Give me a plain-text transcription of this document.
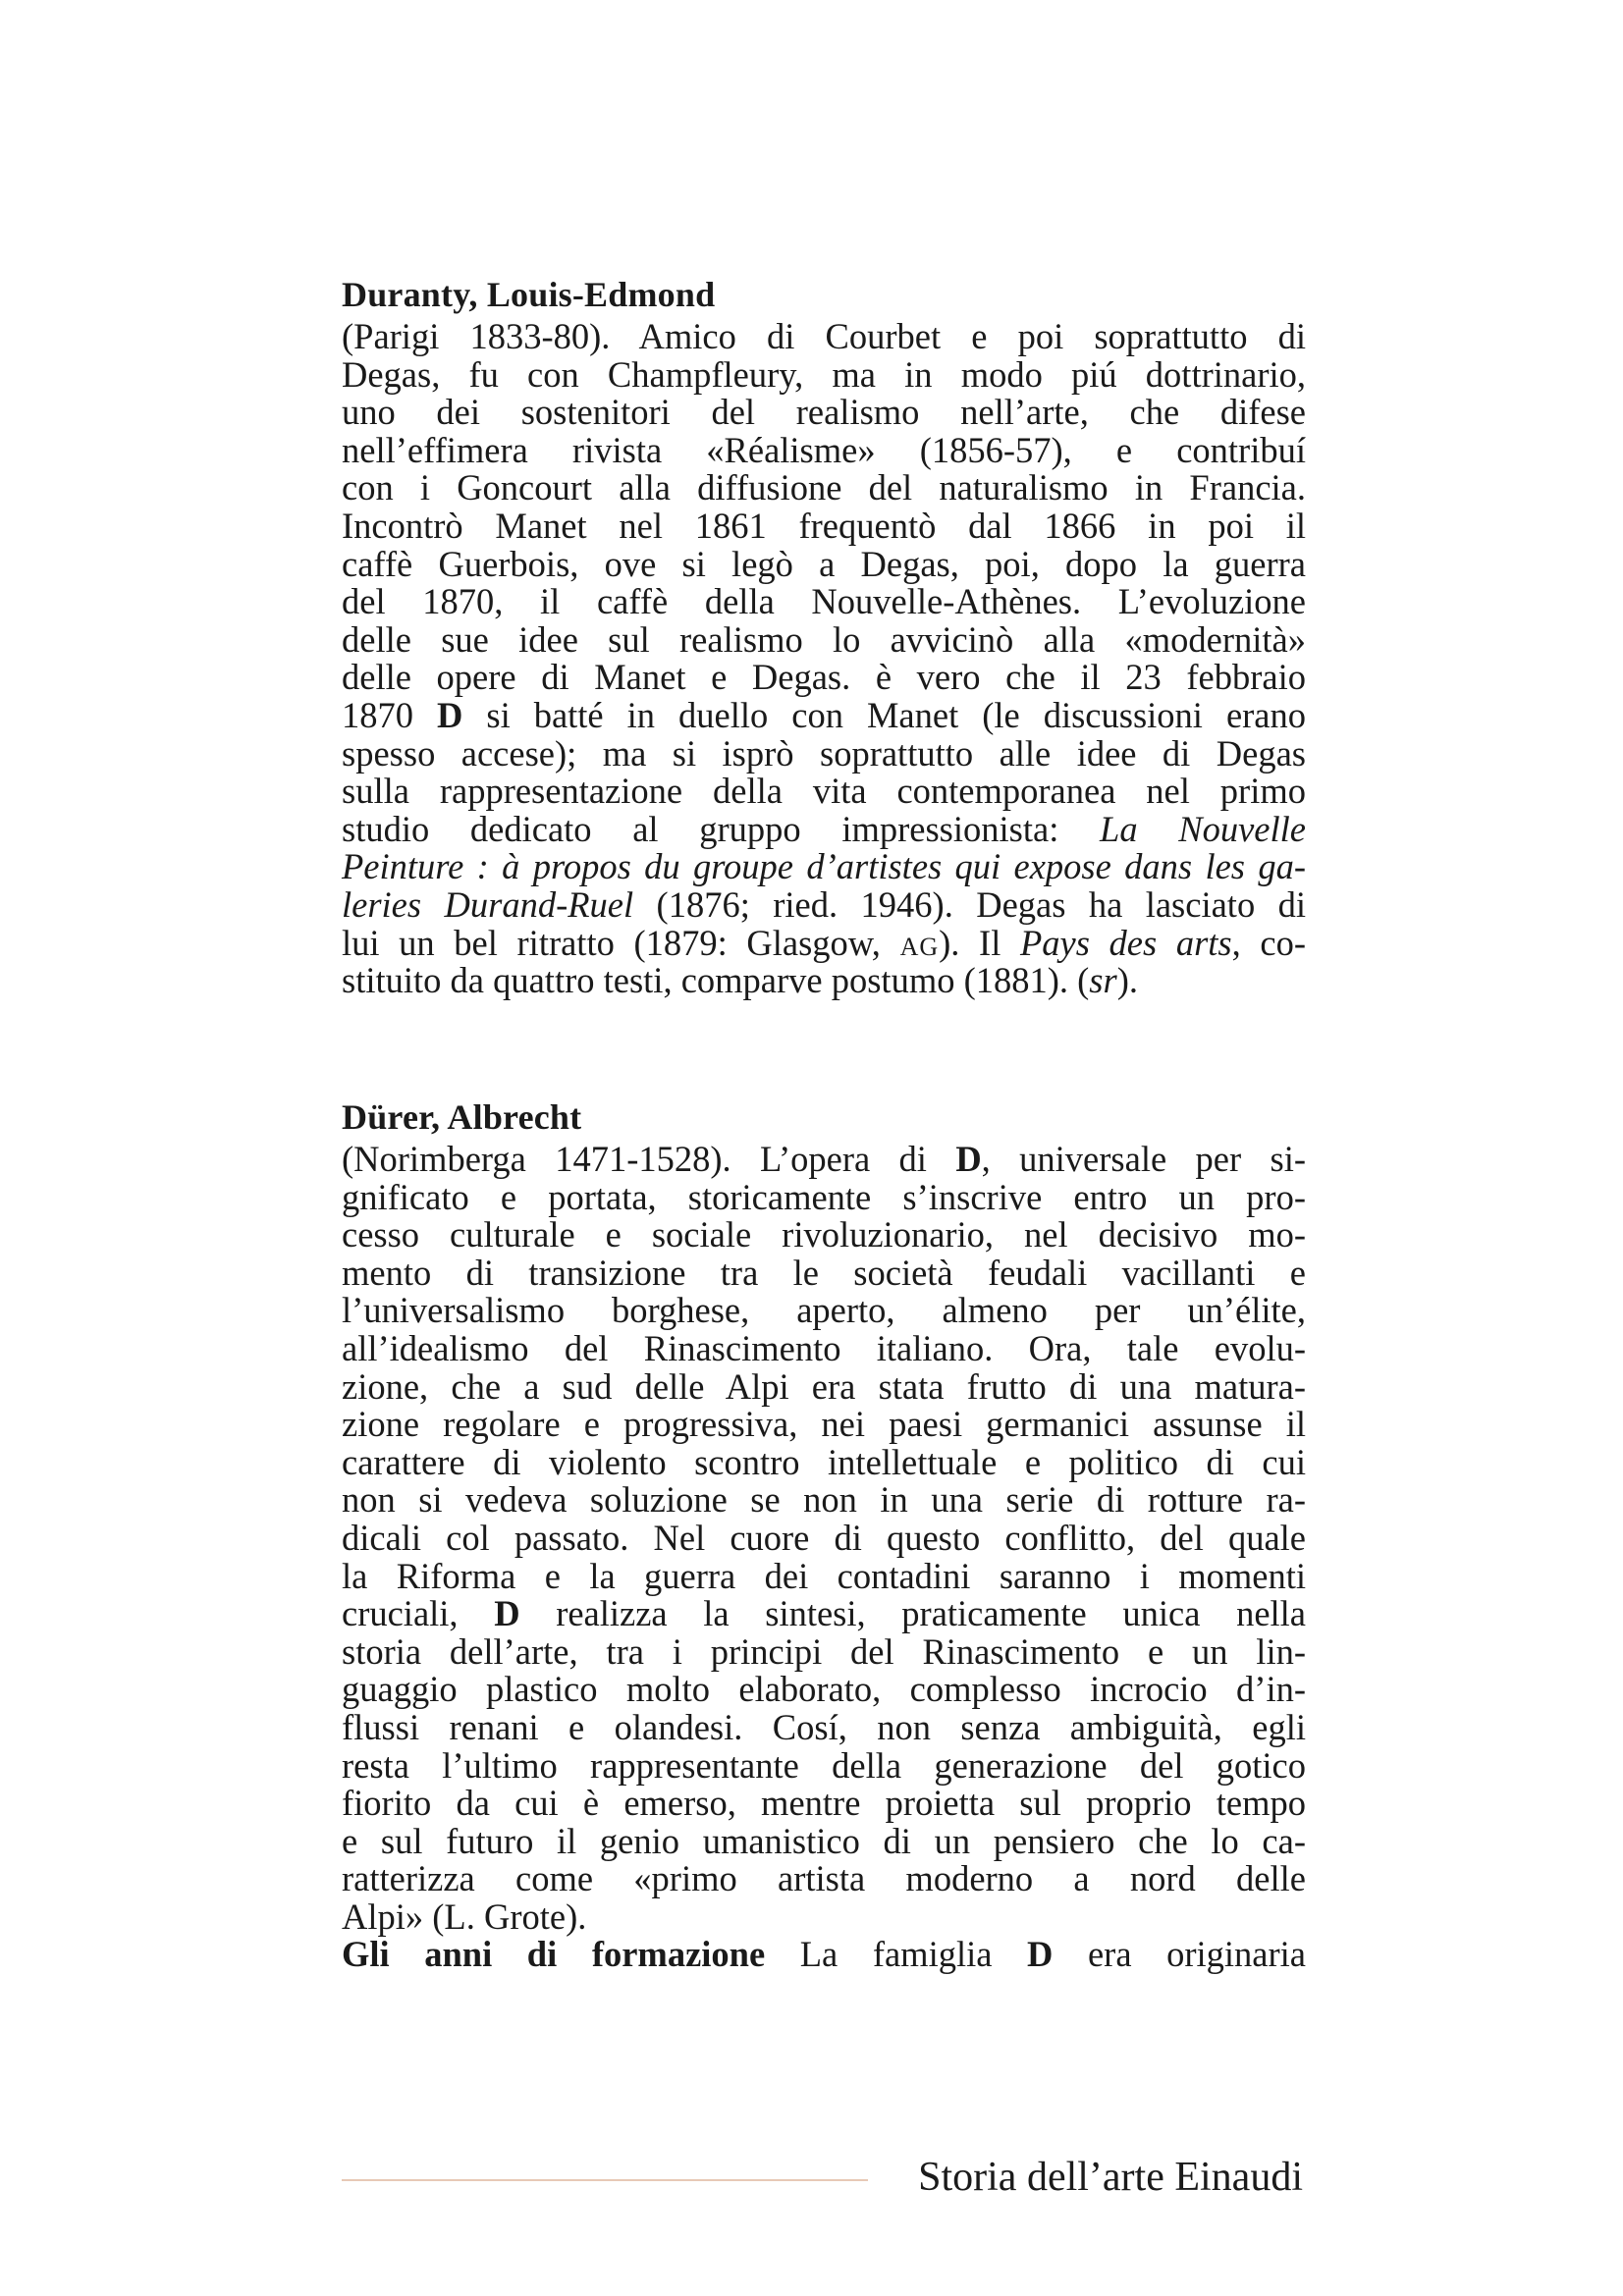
Duranty, Louis-Edmond
(Parigi 1833-80). Amico di Courbet e poi soprattutto di
Degas, fu con Champfleury, ma in modo piú dottrinario,
uno dei sostenitori del realismo nell’arte, che difese
nell’effimera rivista «Réalisme» (1856-57), e contribuí
con i Goncourt alla diffusione del naturalismo in Francia.
Incontrò Manet nel 1861 frequentò dal 1866 in poi il
caffè Guerbois, ove si legò a Degas, poi, dopo la guerra
del 1870, il caffè della Nouvelle-Athènes. L’evoluzione
delle sue idee sul realismo lo avvicinò alla «modernità»
delle opere di Manet e Degas. è vero che il 23 febbraio
1870 D si batté in duello con Manet (le discussioni erano
spesso accese); ma si isprò soprattutto alle idee di Degas
sulla rappresentazione della vita contemporanea nel primo
studio dedicato al gruppo impressionista: La Nouvelle
Peinture : à propos du groupe d’artistes qui expose dans les ga-
leries Durand-Ruel (1876; ried. 1946). Degas ha lasciato di
lui un bel ritratto (1879: Glasgow, AG). Il Pays des arts, co-
stituito da quattro testi, comparve postumo (1881). (sr).
Dürer, Albrecht
(Norimberga 1471-1528). L’opera di D, universale per si-
gnificato e portata, storicamente s’inscrive entro un pro-
cesso culturale e sociale rivoluzionario, nel decisivo mo-
mento di transizione tra le società feudali vacillanti e
l’universalismo borghese, aperto, almeno per un’élite,
all’idealismo del Rinascimento italiano. Ora, tale evolu-
zione, che a sud delle Alpi era stata frutto di una matura-
zione regolare e progressiva, nei paesi germanici assunse il
carattere di violento scontro intellettuale e politico di cui
non si vedeva soluzione se non in una serie di rotture ra-
dicali col passato. Nel cuore di questo conflitto, del quale
la Riforma e la guerra dei contadini saranno i momenti
cruciali, D realizza la sintesi, praticamente unica nella
storia dell’arte, tra i principi del Rinascimento e un lin-
guaggio plastico molto elaborato, complesso incrocio d’in-
flussi renani e olandesi. Cosí, non senza ambiguità, egli
resta l’ultimo rappresentante della generazione del gotico
fiorito da cui è emerso, mentre proietta sul proprio tempo
e sul futuro il genio umanistico di un pensiero che lo ca-
ratterizza come «primo artista moderno a nord delle
Alpi» (L. Grote).
Gli anni di formazione La famiglia D era originaria
Storia dell’arte Einaudi
